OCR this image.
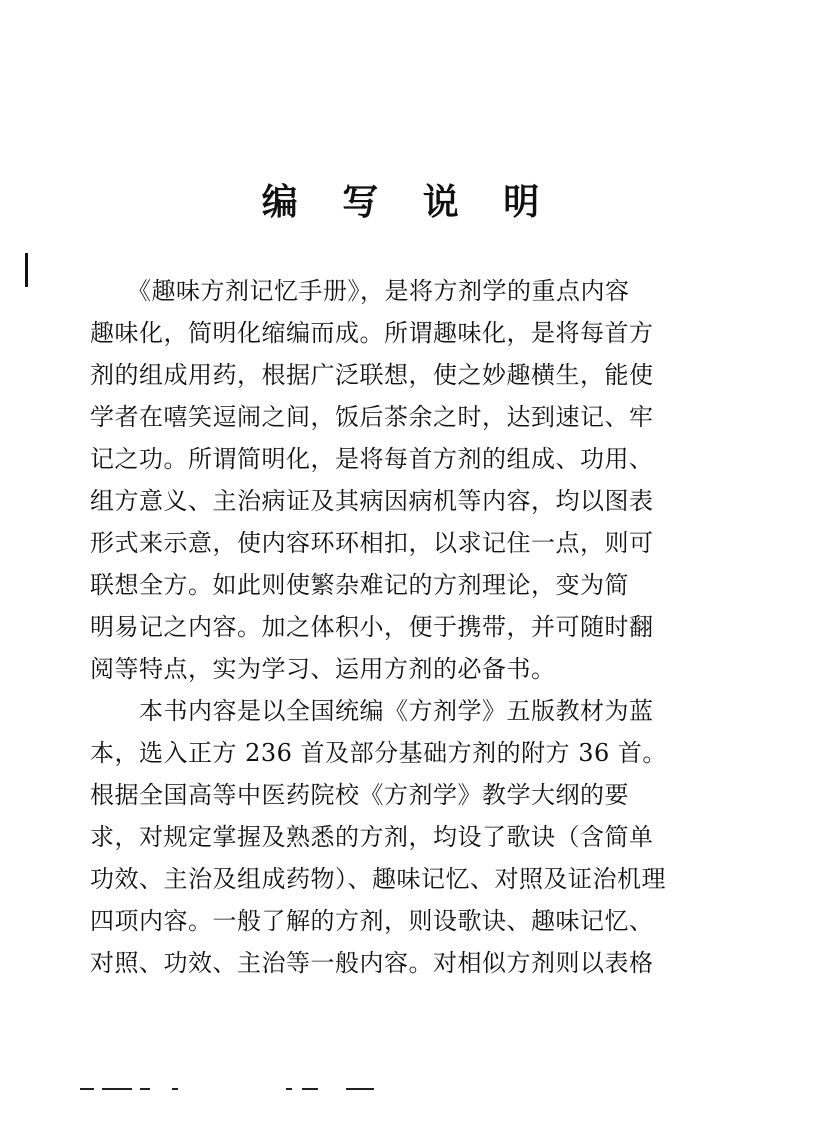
编 写 说 明
　　《趣味方剂记忆手册》，是将方剂学的重点内容
趣味化，简明化缩编而成。所谓趣味化，是将每首方
剂的组成用药，根据广泛联想，使之妙趣横生，能使
学者在嘻笑逗闹之间，饭后茶余之时，达到速记、牢
记之功。所谓简明化，是将每首方剂的组成、功用、
组方意义、主治病证及其病因病机等内容，均以图表
形式来示意，使内容环环相扣，以求记住一点，则可
联想全方。如此则使繁杂难记的方剂理论，变为简
明易记之内容。加之体积小，便于携带，并可随时翻
阅等特点，实为学习、运用方剂的必备书。
　　本书内容是以全国统编《方剂学》五版教材为蓝
本，选入正方 236 首及部分基础方剂的附方 36 首。
根据全国高等中医药院校《方剂学》教学大纲的要
求，对规定掌握及熟悉的方剂，均设了歌诀（含简单
功效、主治及组成药物）、趣味记忆、对照及证治机理
四项内容。一般了解的方剂，则设歌诀、趣味记忆、
对照、功效、主治等一般内容。对相似方剂则以表格
